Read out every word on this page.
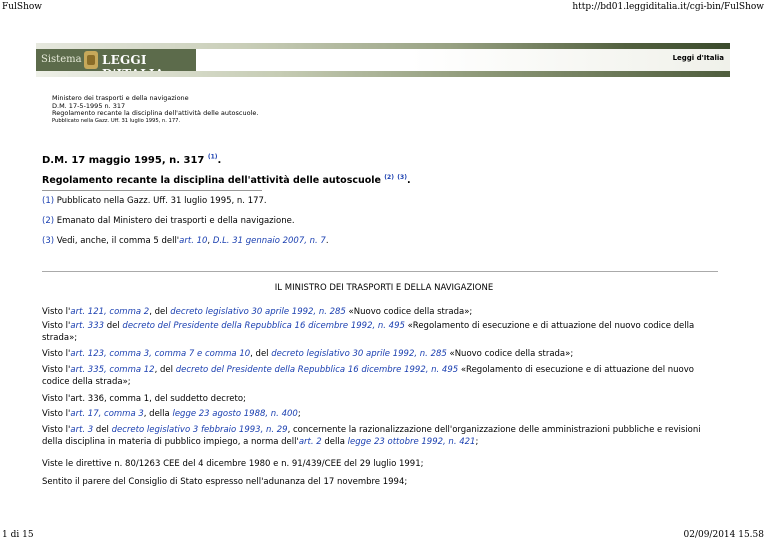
FulShow	http://bd01.leggiditalia.it/cgi-bin/FulShow
Sistema LEGGI	Leggi d'Italia
Ministero dei trasporti e della navigazione
D.M. 17-5-1995 n. 317
Regolamento recante la disciplina dell'attività delle autoscuole.
Pubblicato nella Gazz. Uff. 31 luglio 1995, n. 177.
D.M. 17 maggio 1995, n. 317 $^{(1)}$.
Regolamento recante la disciplina dell'attività delle autoscuole $^{(2)}$ $^{(3)}$.
(1) Pubblicato nella Gazz. Uff. 31 luglio 1995, n. 177.
(2) Emanato dal Ministero dei trasporti e della navigazione.
(3) Vedi, anche, il comma 5 dell'art. 10, D.L. 31 gennaio 2007, n. 7.
IL MINISTRO DEI TRASPORTI E DELLA NAVIGAZIONE
Visto l'art. 121, comma 2, del decreto legislativo 30 aprile 1992, n. 285 «Nuovo codice della strada»;
Visto l'art. 333 del decreto del Presidente della Repubblica 16 dicembre 1992, n. 495 «Regolamento di esecuzione e di attuazione del nuovo codice della strada»;
Visto l'art. 123, comma 3, comma 7 e comma 10, del decreto legislativo 30 aprile 1992, n. 285 «Nuovo codice della strada»;
Visto l'art. 335, comma 12, del decreto del Presidente della Repubblica 16 dicembre 1992, n. 495 «Regolamento di esecuzione e di attuazione del nuovo codice della strada»;
Visto l'art. 336, comma 1, del suddetto decreto;
Visto l'art. 17, comma 3, della legge 23 agosto 1988, n. 400;
Visto l'art. 3 del decreto legislativo 3 febbraio 1993, n. 29, concernente la razionalizzazione dell'organizzazione delle amministrazioni pubbliche e revisioni della disciplina in materia di pubblico impiego, a norma dell'art. 2 della legge 23 ottobre 1992, n. 421;
Viste le direttive n. 80/1263 CEE del 4 dicembre 1980 e n. 91/439/CEE del 29 luglio 1991;
Sentito il parere del Consiglio di Stato espresso nell'adunanza del 17 novembre 1994;
1 di 15	02/09/2014 15.58
